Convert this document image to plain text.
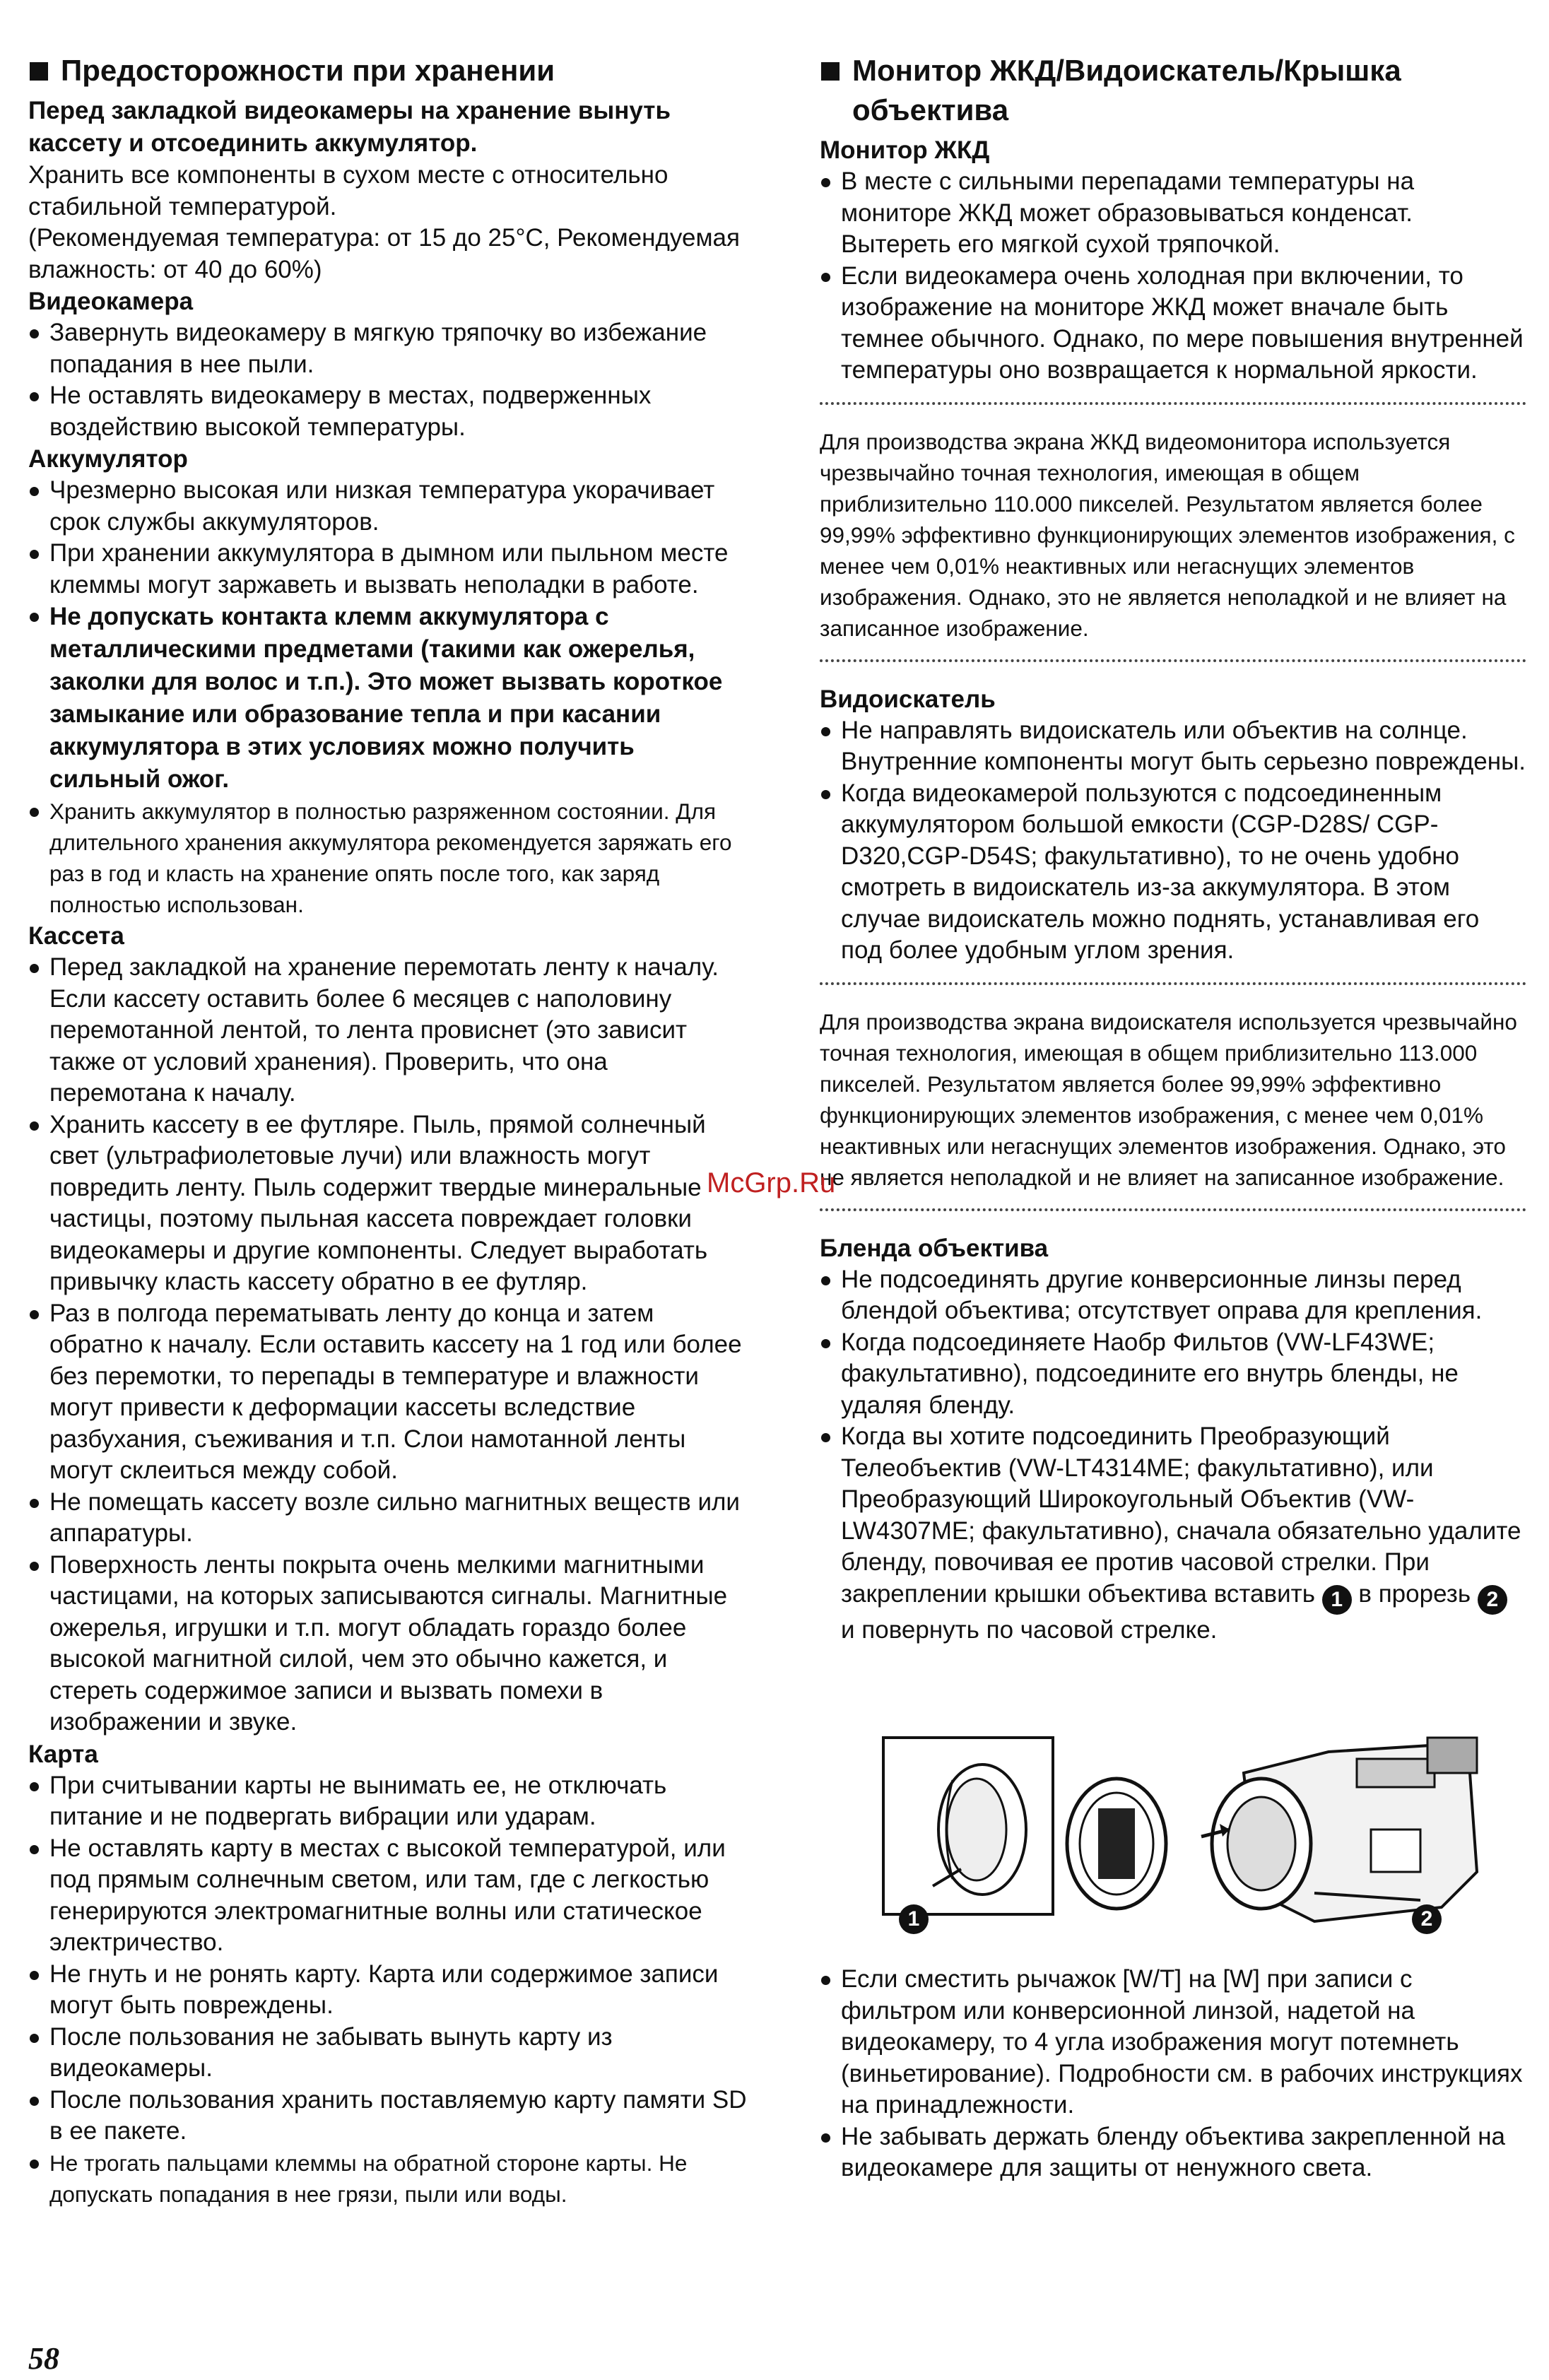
Предосторожности при хранении
Перед закладкой видеокамеры на хранение вынуть кассету и отсоединить аккумулятор.
Хранить все компоненты в сухом месте с относительно стабильной температурой.
(Рекомендуемая температура: от 15 до 25°C, Рекомендуемая влажность: от 40 до 60%)
Видеокамера
Завернуть видеокамеру в мягкую тряпочку во избежание попадания в нее пыли.
Не оставлять видеокамеру в местах, подверженных воздействию высокой температуры.
Аккумулятор
Чрезмерно высокая или низкая температура укорачивает срок службы аккумуляторов.
При хранении аккумулятора в дымном или пыльном месте клеммы могут заржаветь и вызвать неполадки в работе.
Не допускать контакта клемм аккумулятора с металлическими предметами (такими как ожерелья, заколки для волос и т.п.). Это может вызвать короткое замыкание или образование тепла и при касании аккумулятора в этих условиях можно получить сильный ожог.
Хранить аккумулятор в полностью разряженном состоянии. Для длительного хранения аккумулятора рекомендуется заряжать его раз в год и класть на хранение опять после того, как заряд полностью использован.
Кассета
Перед закладкой на хранение перемотать ленту к началу. Если кассету оставить более 6 месяцев с наполовину перемотанной лентой, то лента провиснет (это зависит также от условий хранения). Проверить, что она перемотана к началу.
Хранить кассету в ее футляре. Пыль, прямой солнечный свет (ультрафиолетовые лучи) или влажность могут повредить ленту. Пыль содержит твердые минеральные частицы, поэтому пыльная кассета повреждает головки видеокамеры и другие компоненты. Следует выработать привычку класть кассету обратно в ее футляр.
Раз в полгода перематывать ленту до конца и затем обратно к началу. Если оставить кассету на 1 год или более без перемотки, то перепады в температуре и влажности могут привести к деформации кассеты вследствие разбухания, съеживания и т.п. Слои намотанной ленты могут склеиться между собой.
Не помещать кассету возле сильно магнитных веществ или аппаратуры.
Поверхность ленты покрыта очень мелкими магнитными частицами, на которых записываются сигналы. Магнитные ожерелья, игрушки и т.п. могут обладать гораздо более высокой магнитной силой, чем это обычно кажется, и стереть содержимое записи и вызвать помехи в изображении и звуке.
Карта
При считывании карты не вынимать ее, не отключать питание и не подвергать вибрации или ударам.
Не оставлять карту в местах с высокой температурой, или под прямым солнечным светом, или там, где с легкостью генерируются электромагнитные волны или статическое электричество.
Не гнуть и не ронять карту. Карта или содержимое записи могут быть повреждены.
После пользования не забывать вынуть карту из видеокамеры.
После пользования хранить поставляемую карту памяти SD в ее пакете.
Не трогать пальцами клеммы на обратной стороне карты. Не допускать попадания в нее грязи, пыли или воды.
Монитор ЖКД/Видоискатель/Крышка объектива
Монитор ЖКД
В месте с сильными перепадами температуры на мониторе ЖКД может образовываться конденсат. Вытереть его мягкой сухой тряпочкой.
Если видеокамера очень холодная при включении, то изображение на мониторе ЖКД может вначале быть темнее обычного. Однако, по мере повышения внутренней температуры оно возвращается к нормальной яркости.
Для производства экрана ЖКД видеомонитора используется чрезвычайно точная технология, имеющая в общем приблизительно 110.000 пикселей. Результатом является более 99,99% эффективно функционирующих элементов изображения, с менее чем 0,01% неактивных или негаснущих элементов изображения. Однако, это не является неполадкой и не влияет на записанное изображение.
Видоискатель
Не направлять видоискатель или объектив на солнце. Внутренние компоненты могут быть серьезно повреждены.
Когда видеокамерой пользуются с подсоединенным аккумулятором большой емкости (CGP-D28S/ CGP-D320,CGP-D54S; факультативно), то не очень удобно смотреть в видоискатель из-за аккумулятора. В этом случае видоискатель можно поднять, устанавливая его под более удобным углом зрения.
Для производства экрана видоискателя используется чрезвычайно точная технология, имеющая в общем приблизительно 113.000 пикселей. Результатом является более 99,99% эффективно функционирующих элементов изображения, с менее чем 0,01% неактивных или негаснущих элементов изображения. Однако, это не является неполадкой и не влияет на записанное изображение.
Бленда объектива
Не подсоединять другие конверсионные линзы перед блендой объектива; отсутствует оправа для крепления.
Когда подсоединяете Наобр Фильтов (VW-LF43WE; факультативно), подсоедините его внутрь бленды, не удаляя бленду.
Когда вы хотите подсоединить Преобразующий Телеобъектив (VW-LT4314ME; факультативно), или Преобразующий Широкоугольный Объектив (VW-LW4307ME; факультативно), сначала обязательно удалите бленду, повочивая ее против часовой стрелки. При закреплении крышки объектива вставить 1 в прорезь 2 и повернуть по часовой стрелке.
1	2
Если сместить рычажок [W/T] на [W] при записи с фильтром или конверсионной линзой, надетой на видеокамеру, то 4 угла изображения могут потемнеть (виньетирование). Подробности см. в рабочих инструкциях на принадлежности.
Не забывать держать бленду объектива закрепленной на видеокамере для защиты от ненужного света.
McGrp.Ru
58
